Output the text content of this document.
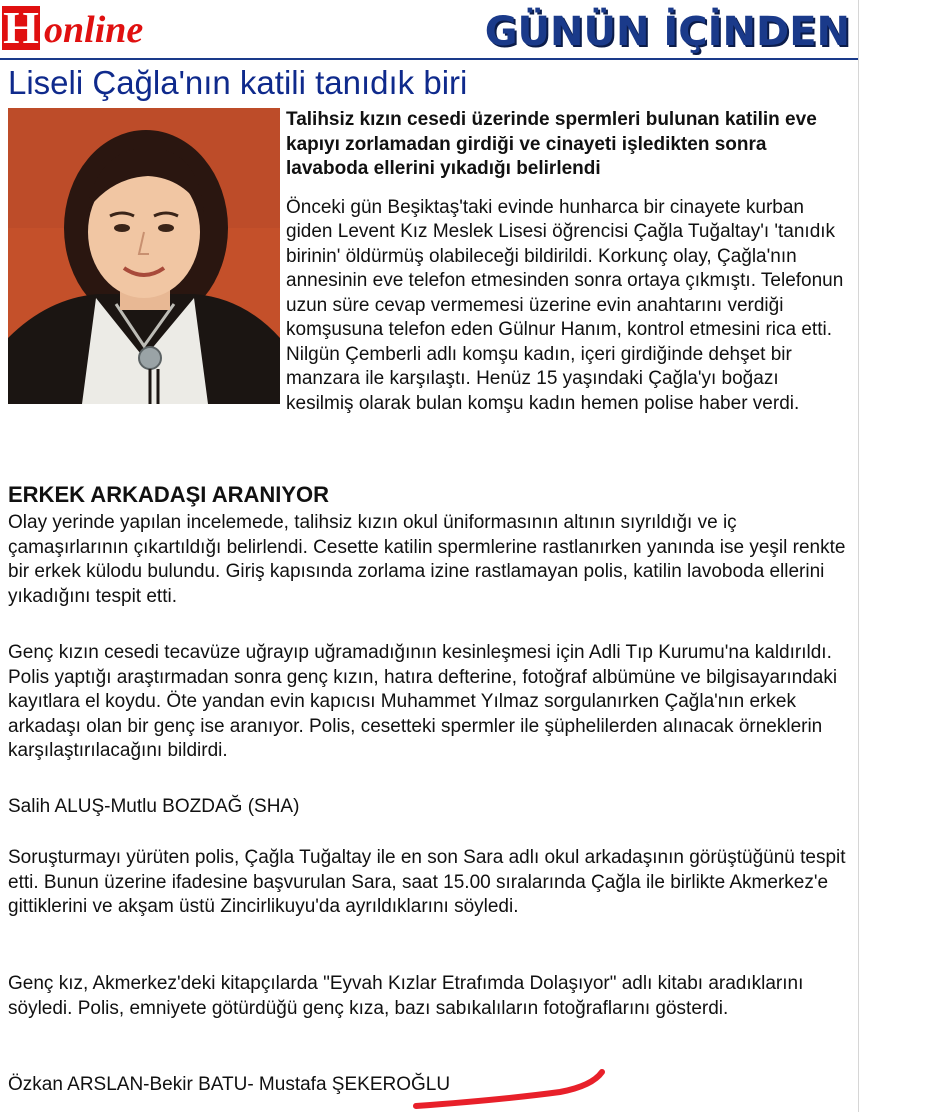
H online	GÜNÜN İÇİNDEN
Liseli Çağla'nın katili tanıdık biri

Talihsiz kızın cesedi üzerinde spermleri bulunan katilin eve kapıyı zorlamadan girdiği ve cinayeti işledikten sonra lavaboda ellerini yıkadığı belirlendi

Önceki gün Beşiktaş'taki evinde hunharca bir cinayete kurban giden Levent Kız Meslek Lisesi öğrencisi Çağla Tuğaltay'ı 'tanıdık birinin' öldürmüş olabileceği bildirildi. Korkunç olay, Çağla'nın annesinin eve telefon etmesinden sonra ortaya çıkmıştı. Telefonun uzun süre cevap vermemesi üzerine evin anahtarını verdiği komşusuna telefon eden Gülnur Hanım, kontrol etmesini rica etti. Nilgün Çemberli adlı komşu kadın, içeri girdiğinde dehşet bir manzara ile karşılaştı. Henüz 15 yaşındaki Çağla'yı boğazı kesilmiş olarak bulan komşu kadın hemen polise haber verdi.

ERKEK ARKADAŞI ARANIYOR

Olay yerinde yapılan incelemede, talihsiz kızın okul üniformasının altının sıyrıldığı ve iç çamaşırlarının çıkartıldığı belirlendi. Cesette katilin spermlerine rastlanırken yanında ise yeşil renkte bir erkek külodu bulundu. Giriş kapısında zorlama izine rastlamayan polis, katilin lavoboda ellerini yıkadığını tespit etti.

Genç kızın cesedi tecavüze uğrayıp uğramadığının kesinleşmesi için Adli Tıp Kurumu'na kaldırıldı. Polis yaptığı araştırmadan sonra genç kızın, hatıra defterine, fotoğraf albümüne ve bilgisayarındaki kayıtlara el koydu. Öte yandan evin kapıcısı Muhammet Yılmaz sorgulanırken Çağla'nın erkek arkadaşı olan bir genç ise aranıyor. Polis, cesetteki spermler ile şüphelilerden alınacak örneklerin karşılaştırılacağını bildirdi.

Salih ALUŞ-Mutlu BOZDAĞ (SHA)

Soruşturmayı yürüten polis, Çağla Tuğaltay ile en son Sara adlı okul arkadaşının görüştüğünü tespit etti. Bunun üzerine ifadesine başvurulan Sara, saat 15.00 sıralarında Çağla ile birlikte Akmerkez'e gittiklerini ve akşam üstü Zincirlikuyu'da ayrıldıklarını söyledi.

Genç kız, Akmerkez'deki kitapçılarda "Eyvah Kızlar Etrafımda Dolaşıyor" adlı kitabı aradıklarını söyledi. Polis, emniyete götürdüğü genç kıza, bazı sabıkalıların fotoğraflarını gösterdi.

Özkan ARSLAN-Bekir BATU- Mustafa ŞEKEROĞLU
